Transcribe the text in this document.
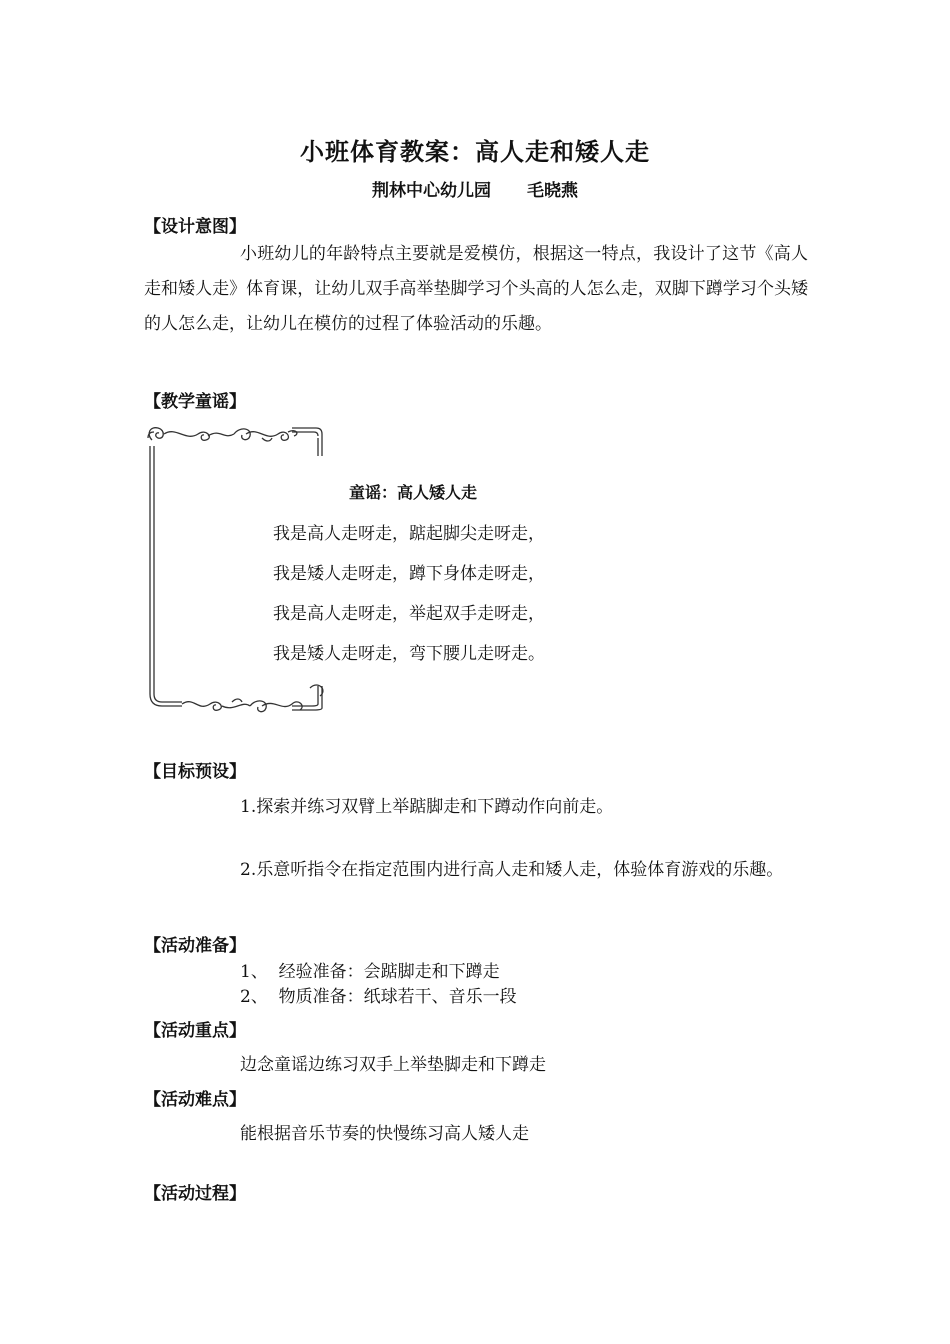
小班体育教案：高人走和矮人走
荆林中心幼儿园 毛晓燕
【设计意图】
小班幼儿的年龄特点主要就是爱模仿，根据这一特点，我设计了这节《高人走和矮人走》体育课，让幼儿双手高举垫脚学习个头高的人怎么走，双脚下蹲学习个头矮的人怎么走，让幼儿在模仿的过程了体验活动的乐趣。
【教学童谣】
童谣：高人矮人走
我是高人走呀走，踮起脚尖走呀走，
我是矮人走呀走，蹲下身体走呀走，
我是高人走呀走，举起双手走呀走，
我是矮人走呀走，弯下腰儿走呀走。
【目标预设】
1.探索并练习双臂上举踮脚走和下蹲动作向前走。
2.乐意听指令在指定范围内进行高人走和矮人走，体验体育游戏的乐趣。
【活动准备】
1、  经验准备：会踮脚走和下蹲走
2、  物质准备：纸球若干、音乐一段
【活动重点】
边念童谣边练习双手上举垫脚走和下蹲走
【活动难点】
能根据音乐节奏的快慢练习高人矮人走
【活动过程】
